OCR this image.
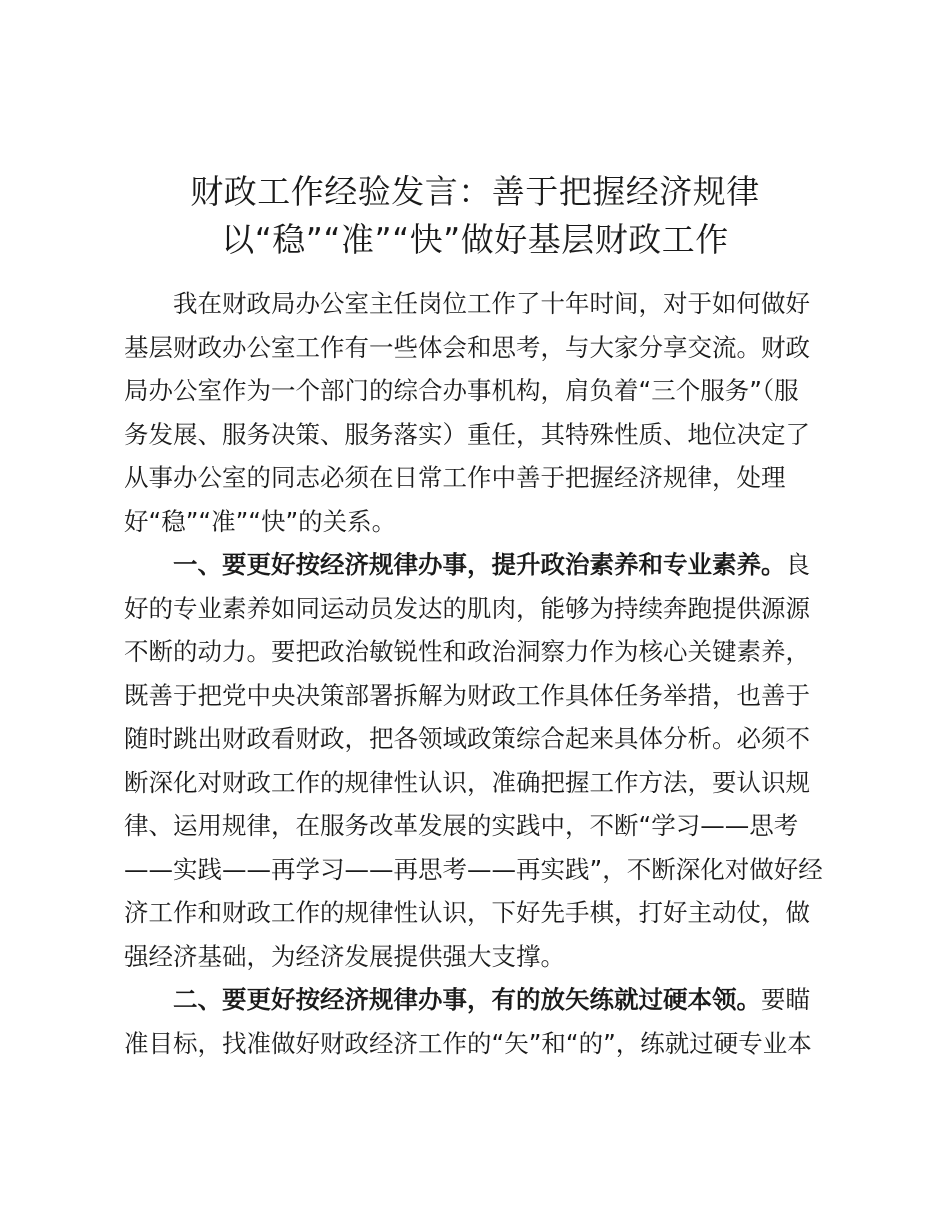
财政工作经验发言：善于把握经济规律
以“稳”“准”“快”做好基层财政工作
我在财政局办公室主任岗位工作了十年时间，对于如何做好
基层财政办公室工作有一些体会和思考，与大家分享交流。财政
局办公室作为一个部门的综合办事机构，肩负着“三个服务”（服
务发展、服务决策、服务落实）重任，其特殊性质、地位决定了
从事办公室的同志必须在日常工作中善于把握经济规律，处理
好“稳”“准”“快”的关系。
一、要更好按经济规律办事，提升政治素养和专业素养。良
好的专业素养如同运动员发达的肌肉，能够为持续奔跑提供源源
不断的动力。要把政治敏锐性和政治洞察力作为核心关键素养，
既善于把党中央决策部署拆解为财政工作具体任务举措，也善于
随时跳出财政看财政，把各领域政策综合起来具体分析。必须不
断深化对财政工作的规律性认识，准确把握工作方法，要认识规
律、运用规律，在服务改革发展的实践中，不断“学习——思考
——实践——再学习——再思考——再实践”，不断深化对做好经
济工作和财政工作的规律性认识，下好先手棋，打好主动仗，做
强经济基础，为经济发展提供强大支撑。
二、要更好按经济规律办事，有的放矢练就过硬本领。要瞄
准目标，找准做好财政经济工作的“矢”和“的”，练就过硬专业本
